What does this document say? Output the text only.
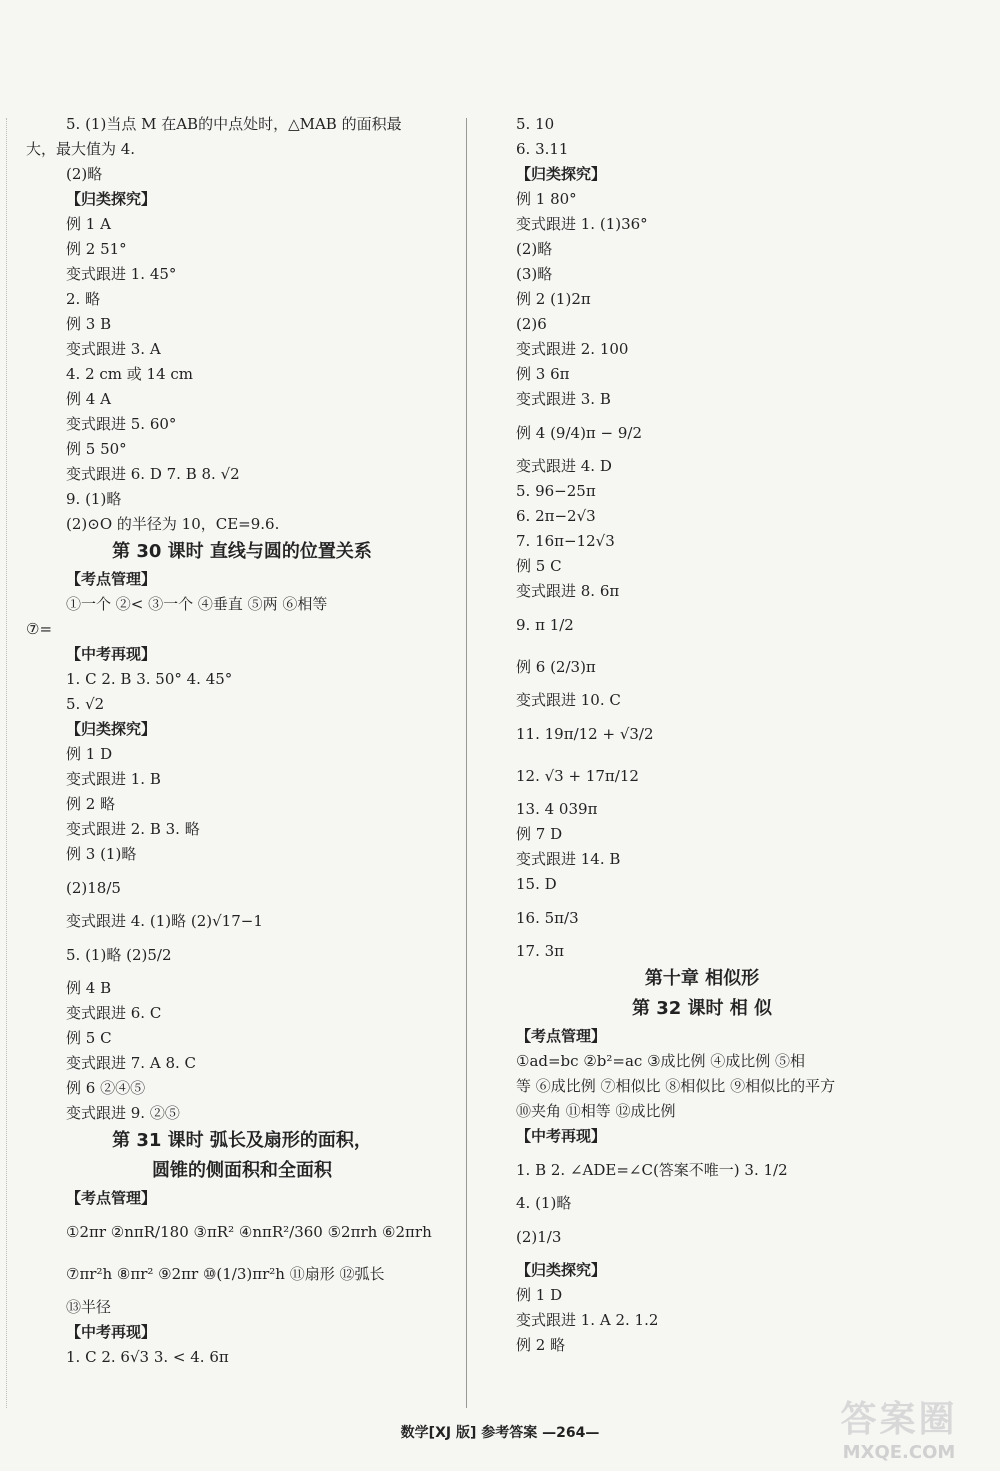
5. (1)当点 M 在AB的中点处时，△MAB 的面积最
大，最大值为 4.
(2)略
【归类探究】
例 1 A
例 2 51°
变式跟进 1. 45°
2. 略
例 3 B
变式跟进 3. A
4. 2 cm 或 14 cm
例 4 A
变式跟进 5. 60°
例 5 50°
变式跟进 6. D 7. B 8. √2
9. (1)略
(2)⊙O 的半径为 10，CE=9.6.
第 30 课时 直线与圆的位置关系
【考点管理】
①一个 ②< ③一个 ④垂直 ⑤两 ⑥相等
⑦=
【中考再现】
1. C 2. B 3. 50° 4. 45°
5. √2
【归类探究】
例 1 D
变式跟进 1. B
例 2 略
变式跟进 2. B 3. 略
例 3 (1)略
(2)18/5
变式跟进 4. (1)略 (2)√17−1
5. (1)略 (2)5/2
例 4 B
变式跟进 6. C
例 5 C
变式跟进 7. A 8. C
例 6 ②④⑤
变式跟进 9. ②⑤
第 31 课时 弧长及扇形的面积，
圆锥的侧面积和全面积
【考点管理】
①2πr ②nπR/180 ③πR² ④nπR²/360 ⑤2πrh ⑥2πrh
⑦πr²h ⑧πr² ⑨2πr ⑩(1/3)πr²h ⑪扇形 ⑫弧长
⑬半径
【中考再现】
1. C 2. 6√3 3. < 4. 6π
5. 10
6. 3.11
【归类探究】
例 1 80°
变式跟进 1. (1)36°
(2)略
(3)略
例 2 (1)2π
(2)6
变式跟进 2. 100
例 3 6π
变式跟进 3. B
例 4 (9/4)π − 9/2
变式跟进 4. D
5. 96−25π
6. 2π−2√3
7. 16π−12√3
例 5 C
变式跟进 8. 6π
9. π 1/2
例 6 (2/3)π
变式跟进 10. C
11. 19π/12 + √3/2
12. √3 + 17π/12
13. 4 039π
例 7 D
变式跟进 14. B
15. D
16. 5π/3
17. 3π
第十章 相似形
第 32 课时 相 似
【考点管理】
①ad=bc ②b²=ac ③成比例 ④成比例 ⑤相
等 ⑥成比例 ⑦相似比 ⑧相似比 ⑨相似比的平方
⑩夹角 ⑪相等 ⑫成比例
【中考再现】
1. B 2. ∠ADE=∠C(答案不唯一) 3. 1/2
4. (1)略
(2)1/3
【归类探究】
例 1 D
变式跟进 1. A 2. 1.2
例 2 略
数学[XJ 版] 参考答案 —264—	答案圈
MXQE.COM
